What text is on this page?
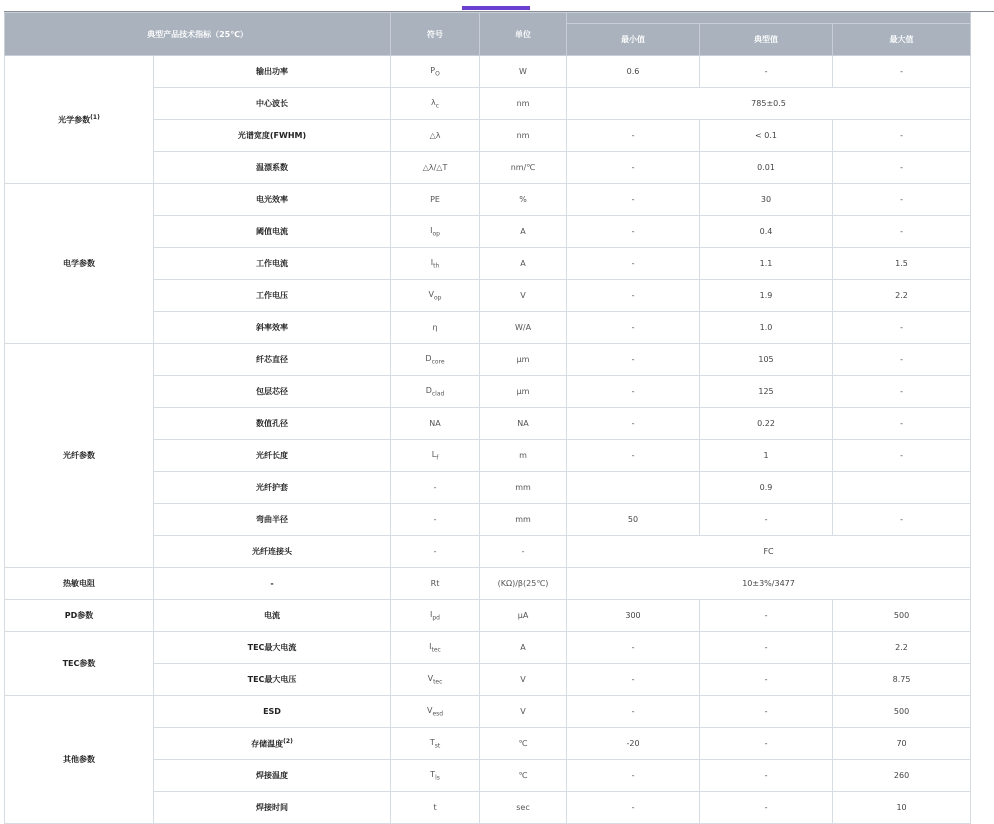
典型产品技术指标（25℃）		符号	单位			
				最小值	典型值	最大值
光学参数$^{(1)}$	输出功率	$P_O$	W	0.6	-	-
	中心波长	$\lambda_c$	nm	785±0.5		
	光谱宽度(FWHM)	△λ	nm	-	< 0.1	-
	温漂系数	△λ/△T	nm/℃	-	0.01	-
电学参数	电光效率	PE	%	-	30	-
	阈值电流	$I_{op}$	A	-	0.4	-
	工作电流	$I_{th}$	A	-	1.1	1.5
	工作电压	$V_{op}$	V	-	1.9	2.2
	斜率效率	η	W/A	-	1.0	-
光纤参数	纤芯直径	$D_{core}$	μm	-	105	-
	包层芯径	$D_{clad}$	μm	-	125	-
	数值孔径	NA	NA	-	0.22	-
	光纤长度	$L_f$	m	-	1	-
	光纤护套	-	mm		0.9	
	弯曲半径	-	mm	50	-	-
	光纤连接头	-	-	FC		
热敏电阻	-	Rt	(KΩ)/β(25℃)	10±3%/3477		
PD参数	电流	$I_{pd}$	μA	300	-	500
TEC参数	TEC最大电流	$I_{tec}$	A	-	-	2.2
	TEC最大电压	$V_{tec}$	V	-	-	8.75
其他参数	ESD	$V_{esd}$	V	-	-	500
	存储温度$^{(2)}$	$T_{st}$	℃	-20	-	70
	焊接温度	$T_{ls}$	℃	-	-	260
	焊接时间	t	sec	-	-	10
